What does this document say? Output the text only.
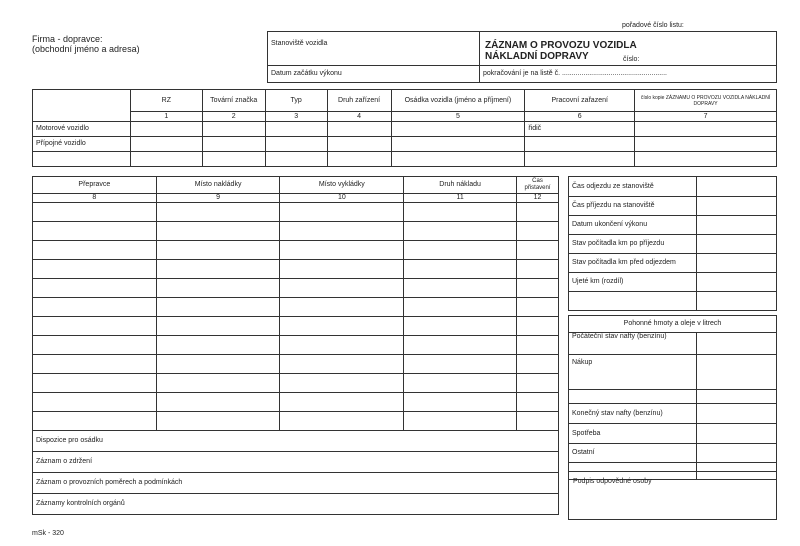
pořadové číslo listu:
Firma - dopravce:
(obchodní jméno a adresa)
Stanoviště vozidla	ZÁZNAM O PROVOZU VOZIDLA
NÁKLADNÍ DOPRAVY číslo:

Datum začátku výkonu	pokračování je na listě č. ......................................................
	RZ	Tovární značka	Typ	Druh zařízení	Osádka vozidla (jméno a příjmení)	Pracovní zařazení	číslo kopie ZÁZNAMU O PROVOZU VOZIDLA NÁKLADNÍ DOPRAVY
	1	2	3	4	5	6	7
Motorové vozidlo						řidič	
Přípojné vozidlo							

Přepravce	Místo nakládky	Místo vykládky	Druh nákladu	Čas přistavení
8	9	10	11	12

Dispozice pro osádku				
Záznam o zdržení				
Záznam o provozních poměrech a podmínkách				
Záznamy kontrolních orgánů				
Čas odjezdu ze stanoviště	
Čas příjezdu na stanoviště	
Datum ukončení výkonu	
Stav počítadla km po příjezdu	
Stav počítadla km před odjezdem	
Ujeté km (rozdíl)	

Pohonné hmoty a oleje v litrech	
Počáteční stav nafty (benzínu)	
Nákup	

Konečný stav nafty (benzínu)	
Spotřeba	
Ostatní	

Podpis odpovědné osoby
mSk - 320
